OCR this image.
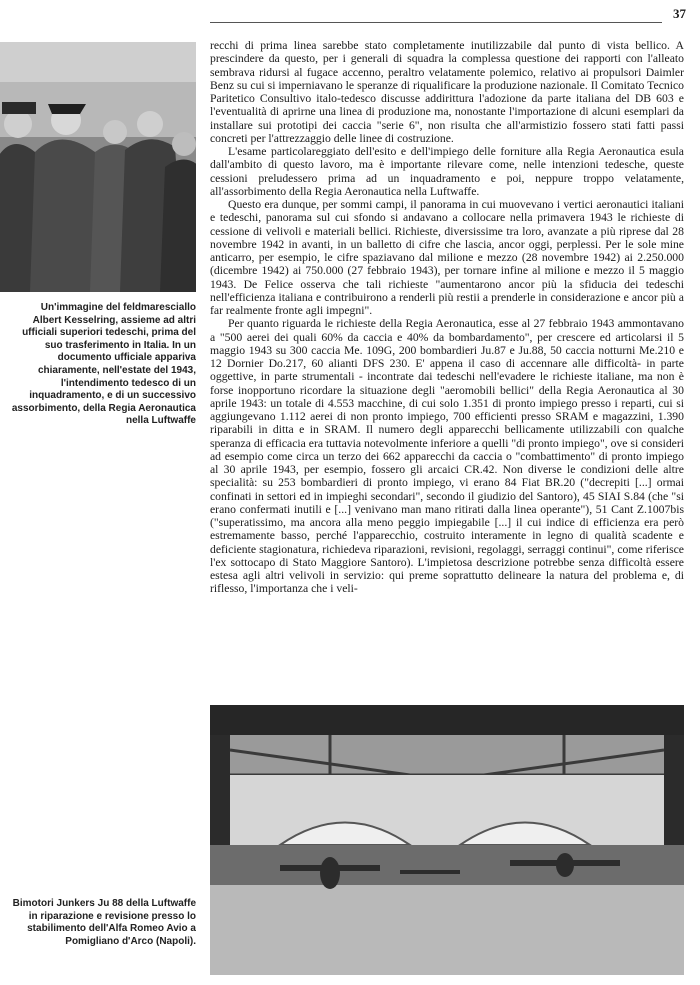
37
Un'immagine del feldmaresciallo Albert Kesselring, assieme ad altri ufficiali superiori tedeschi, prima del suo trasferimento in Italia. In un documento ufficiale appariva chiaramente, nell'estate del 1943, l'intendimento tedesco di un inquadramento, e di un successivo assorbimento, della Regia Aeronautica nella Luftwaffe

recchi di prima linea sarebbe stato completamente inutilizzabile dal punto di vista bellico. A prescindere da questo, per i generali di squadra la complessa questione dei rapporti con l'alleato sembrava ridursi al fugace accenno, peraltro velatamente polemico, relativo ai propulsori Daimler Benz su cui si imperniavano le speranze di riqualificare la produzione nazionale. Il Comitato Tecnico Paritetico Consultivo italo-tedesco discusse addirittura l'adozione da parte italiana del DB 603 e l'eventualità di aprirne una linea di produzione ma, nonostante l'importazione di alcuni esemplari da installare sui prototipi dei caccia "serie 6", non risulta che all'armistizio fossero stati fatti passi concreti per l'attrezzaggio delle linee di costruzione.

L'esame particolareggiato dell'esito e dell'impiego delle forniture alla Regia Aeronautica esula dall'ambito di questo lavoro, ma è importante rilevare come, nelle intenzioni tedesche, queste cessioni preludessero prima ad un inquadramento e poi, neppure troppo velatamente, all'assorbimento della Regia Aeronautica nella Luftwaffe.

Questo era dunque, per sommi campi, il panorama in cui muovevano i vertici aeronautici italiani e tedeschi, panorama sul cui sfondo si andavano a collocare nella primavera 1943 le richieste di cessione di velivoli e materiali bellici. Richieste, diversissime tra loro, avanzate a più riprese dal 28 novembre 1942 in avanti, in un balletto di cifre che lascia, ancor oggi, perplessi. Per le sole mine anticarro, per esempio, le cifre spaziavano dal milione e mezzo (28 novembre 1942) ai 2.250.000 (dicembre 1942) ai 750.000 (27 febbraio 1943), per tornare infine al milione e mezzo il 5 maggio 1943. De Felice osserva che tali richieste "aumentarono ancor più la sfiducia dei tedeschi nell'efficienza italiana e contribuirono a renderli più restii a prenderle in considerazione e ancor più a far realmente fronte agli impegni".

Per quanto riguarda le richieste della Regia Aeronautica, esse al 27 febbraio 1943 ammontavano a "500 aerei dei quali 60% da caccia e 40% da bombardamento", per crescere ed articolarsi il 5 maggio 1943 su 300 caccia Me. 109G, 200 bombardieri Ju.87 e Ju.88, 50 caccia notturni Me.210 e 12 Dornier Do.217, 60 alianti DFS 230. E' appena il caso di accennare alle difficoltà- in parte oggettive, in parte strumentali - incontrate dai tedeschi nell'evadere le richieste italiane, ma non è forse inopportuno ricordare la situazione degli "aeromobili bellici" della Regia Aeronautica al 30 aprile 1943: un totale di 4.553 macchine, di cui solo 1.351 di pronto impiego presso i reparti, cui si aggiungevano 1.112 aerei di non pronto impiego, 700 efficienti presso SRAM e magazzini, 1.390 riparabili in ditta e in SRAM. Il numero degli apparecchi bellicamente utilizzabili con qualche speranza di efficacia era tuttavia notevolmente inferiore a quelli "di pronto impiego", ove si consideri ad esempio come circa un terzo dei 662 apparecchi da caccia o "combattimento" di pronto impiego al 30 aprile 1943, per esempio, fossero gli arcaici CR.42. Non diverse le condizioni delle altre specialità: su 253 bombardieri di pronto impiego, vi erano 84 Fiat BR.20 ("decrepiti [...] ormai confinati in settori ed in impieghi secondari", secondo il giudizio del Santoro), 45 SIAI S.84 (che "si erano confermati inutili e [...] venivano man mano ritirati dalla linea operante"), 51 Cant Z.1007bis ("superatissimo, ma ancora alla meno peggio impiegabile [...] il cui indice di efficienza era però estremamente basso, perché l'apparecchio, costruito interamente in legno di qualità scadente e deficiente stagionatura, richiedeva riparazioni, revisioni, regolaggi, serraggi continui", come riferisce l'ex sottocapo di Stato Maggiore Santoro). L'impietosa descrizione potrebbe senza difficoltà essere estesa agli altri velivoli in servizio: qui preme soprattutto delineare la natura del problema e, di riflesso, l'importanza che i veli-

Bimotori Junkers Ju 88 della Luftwaffe in riparazione e revisione presso lo stabilimento dell'Alfa Romeo Avio a Pomigliano d'Arco (Napoli).
